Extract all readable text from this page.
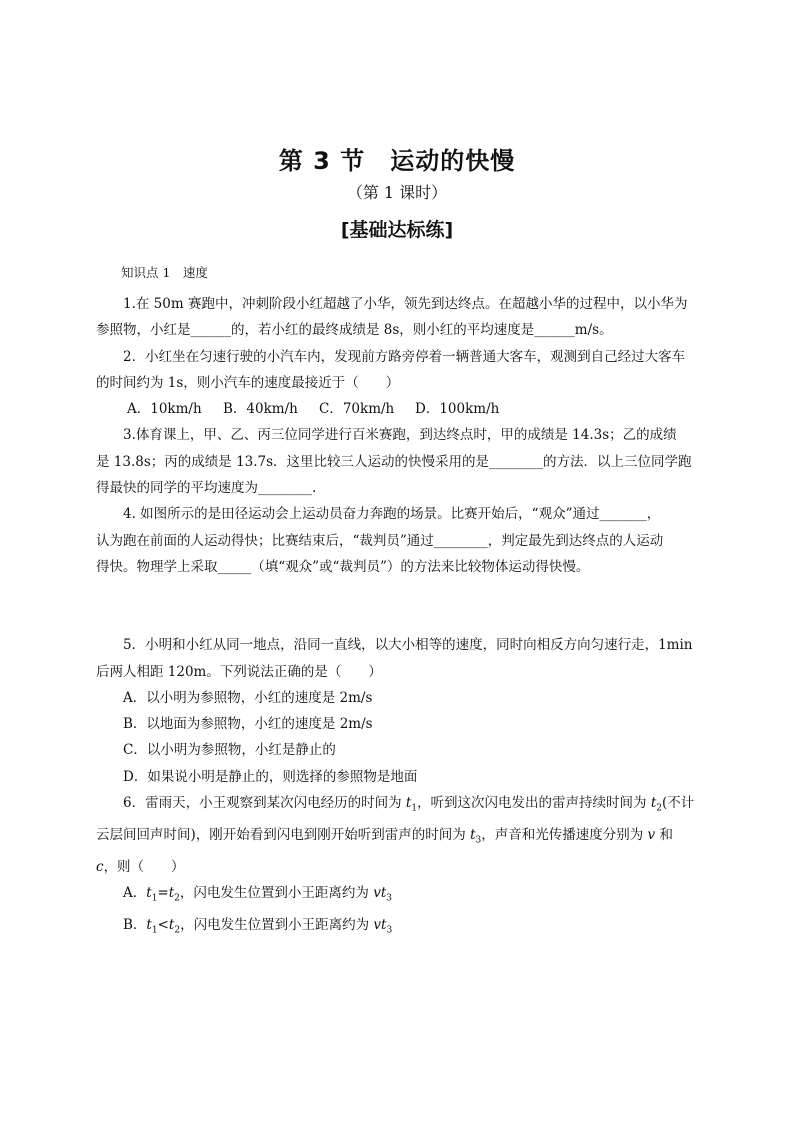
第 3 节　运动的快慢
（第 1 课时）
[基础达标练]
知识点 1　速度

1.在 50m 赛跑中，冲刺阶段小红超越了小华，领先到达终点。在超越小华的过程中，以小华为

参照物，小红是______的，若小红的最终成绩是 8s，则小红的平均速度是______m/s。

2．小红坐在匀速行驶的小汽车内，发现前方路旁停着一辆普通大客车，观测到自己经过大客车

的时间约为 1s，则小汽车的速度最接近于（　　）

A．10km/h B．40km/h C．70km/h D．100km/h

3.体育课上，甲、乙、丙三位同学进行百米赛跑，到达终点时，甲的成绩是 14.3s；乙的成绩

是 13.8s；丙的成绩是 13.7s．这里比较三人运动的快慢采用的是________的方法．以上三位同学跑

得最快的同学的平均速度为________.

4. 如图所示的是田径运动会上运动员奋力奔跑的场景。比赛开始后，“观众”通过_______，

认为跑在前面的人运动得快；比赛结束后，“裁判员”通过________，判定最先到达终点的人运动

得快。物理学上采取_____（填“观众”或“裁判员”）的方法来比较物体运动得快慢。

5．小明和小红从同一地点，沿同一直线，以大小相等的速度，同时向相反方向匀速行走，1min

后两人相距 120m。下列说法正确的是（　　）

A．以小明为参照物，小红的速度是 2m/s

B．以地面为参照物，小红的速度是 2m/s

C．以小明为参照物，小红是静止的

D．如果说小明是静止的，则选择的参照物是地面

6．雷雨天，小王观察到某次闪电经历的时间为 $t_1$，听到这次闪电发出的雷声持续时间为 $t_2$(不计

云层间回声时间)，刚开始看到闪电到刚开始听到雷声的时间为 $t_3$，声音和光传播速度分别为 v 和

c，则（　　）

A．$t_1=t_2$，闪电发生位置到小王距离约为 $vt_3$

B．$t_1<t_2$，闪电发生位置到小王距离约为 $vt_3$
